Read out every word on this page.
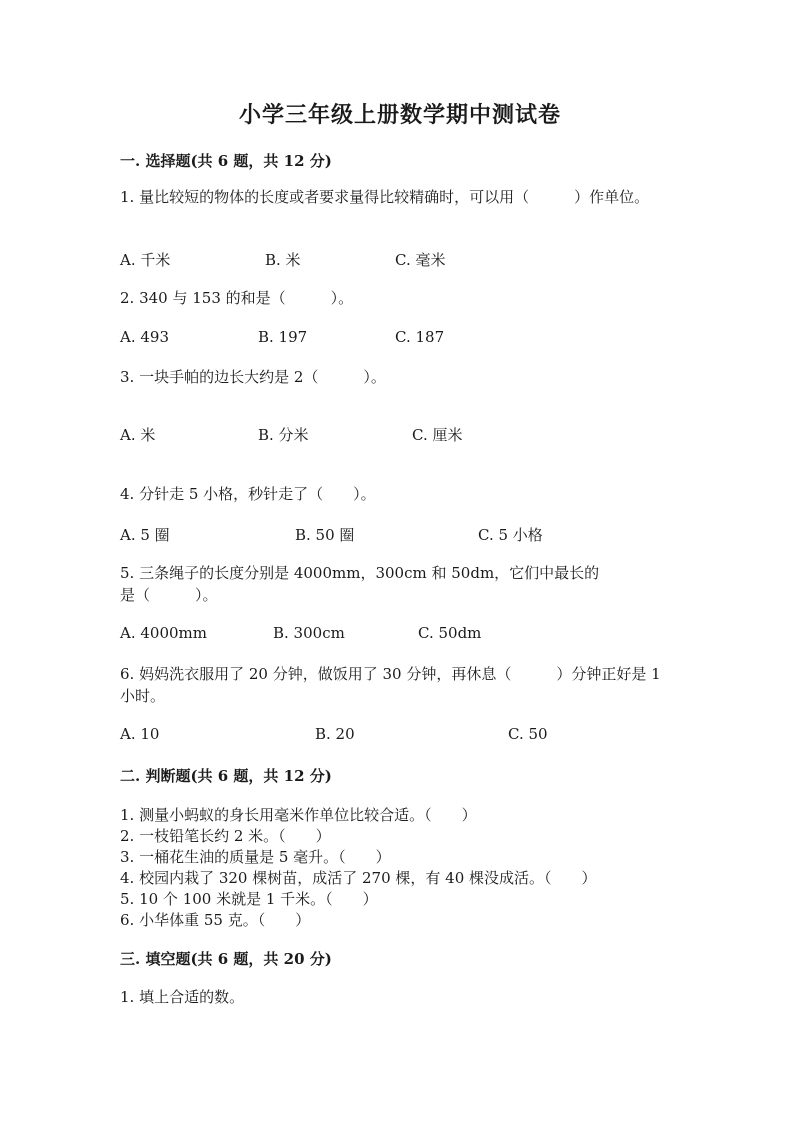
小学三年级上册数学期中测试卷
一. 选择题(共 6 题，共 12 分)
1. 量比较短的物体的长度或者要求量得比较精确时，可以用（　　　）作单位。
A. 千米	B. 米	C. 毫米
2. 340 与 153 的和是（　　　）。
A. 493	B. 197	C. 187
3. 一块手帕的边长大约是 2（　　　）。
A. 米	B. 分米	C. 厘米
4. 分针走 5 小格，秒针走了（　　）。
A. 5 圈	B. 50 圈	C. 5 小格
5. 三条绳子的长度分别是 4000mm，300cm 和 50dm，它们中最长的是（　　　）。
A. 4000mm	B. 300cm	C. 50dm
6. 妈妈洗衣服用了 20 分钟，做饭用了 30 分钟，再休息（　　　）分钟正好是 1 小时。
A. 10	B. 20	C. 50
二. 判断题(共 6 题，共 12 分)
1. 测量小蚂蚁的身长用毫米作单位比较合适。（　　）
2. 一枝铅笔长约 2 米。（　　）
3. 一桶花生油的质量是 5 毫升。（　　）
4. 校园内栽了 320 棵树苗，成活了 270 棵，有 40 棵没成活。（　　）
5. 10 个 100 米就是 1 千米。（　　）
6. 小华体重 55 克。（　　）
三. 填空题(共 6 题，共 20 分)
1. 填上合适的数。
